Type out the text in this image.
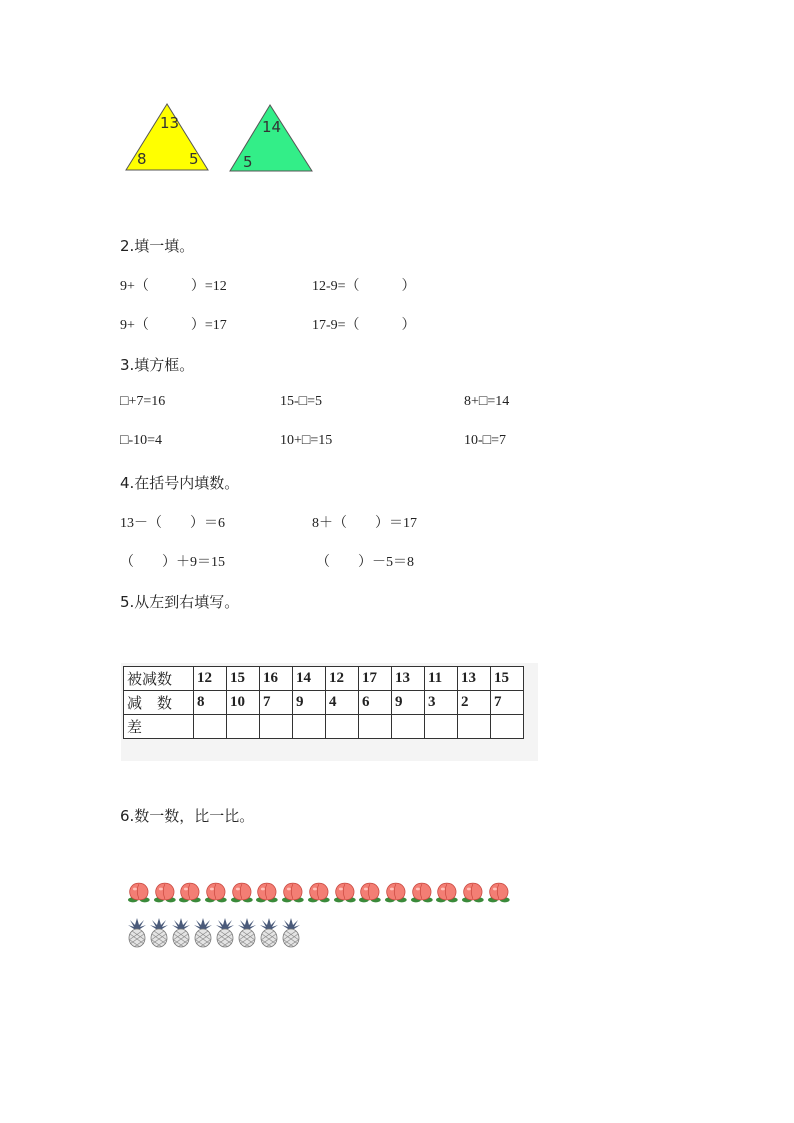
13
8	5
14
5
2.填一填。
9+（　　　）=12	12-9=（　　　）
9+（　　　）=17	17-9=（　　　）
3.填方框。
□+7=16	15-□=5	8+□=14
□-10=4	10+□=15	10-□=7
4.在括号内填数。
13－（　　）＝6	8＋（　　）＝17
（　　）＋9＝15	（　　）－5＝8
5.从左到右填写。
被减数	12	15	16	14	12	17	13	11	13	15
减　数	8	10	7	9	4	6	9	3	2	7
差										
6.数一数，比一比。
